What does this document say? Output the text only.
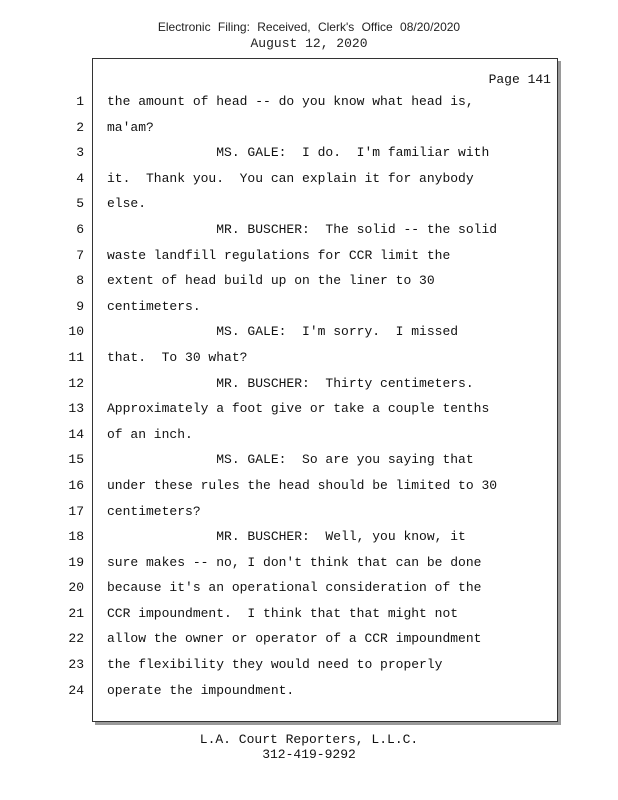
Electronic Filing: Received, Clerk's Office 08/20/2020
August 12, 2020
Page 141
1
2
3
4
5
6
7
8
9
10
11
12
13
14
15
16
17
18
19
20
21
22
23
24
the amount of head -- do you know what head is,
ma'am?
MS. GALE:  I do.  I'm familiar with
it.  Thank you.  You can explain it for anybody
else.
MR. BUSCHER:  The solid -- the solid
waste landfill regulations for CCR limit the
extent of head build up on the liner to 30
centimeters.
MS. GALE:  I'm sorry.  I missed
that.  To 30 what?
MR. BUSCHER:  Thirty centimeters.
Approximately a foot give or take a couple tenths
of an inch.
MS. GALE:  So are you saying that
under these rules the head should be limited to 30
centimeters?
MR. BUSCHER:  Well, you know, it
sure makes -- no, I don't think that can be done
because it's an operational consideration of the
CCR impoundment.  I think that that might not
allow the owner or operator of a CCR impoundment
the flexibility they would need to properly
operate the impoundment.
L.A. Court Reporters, L.L.C.
312-419-9292
